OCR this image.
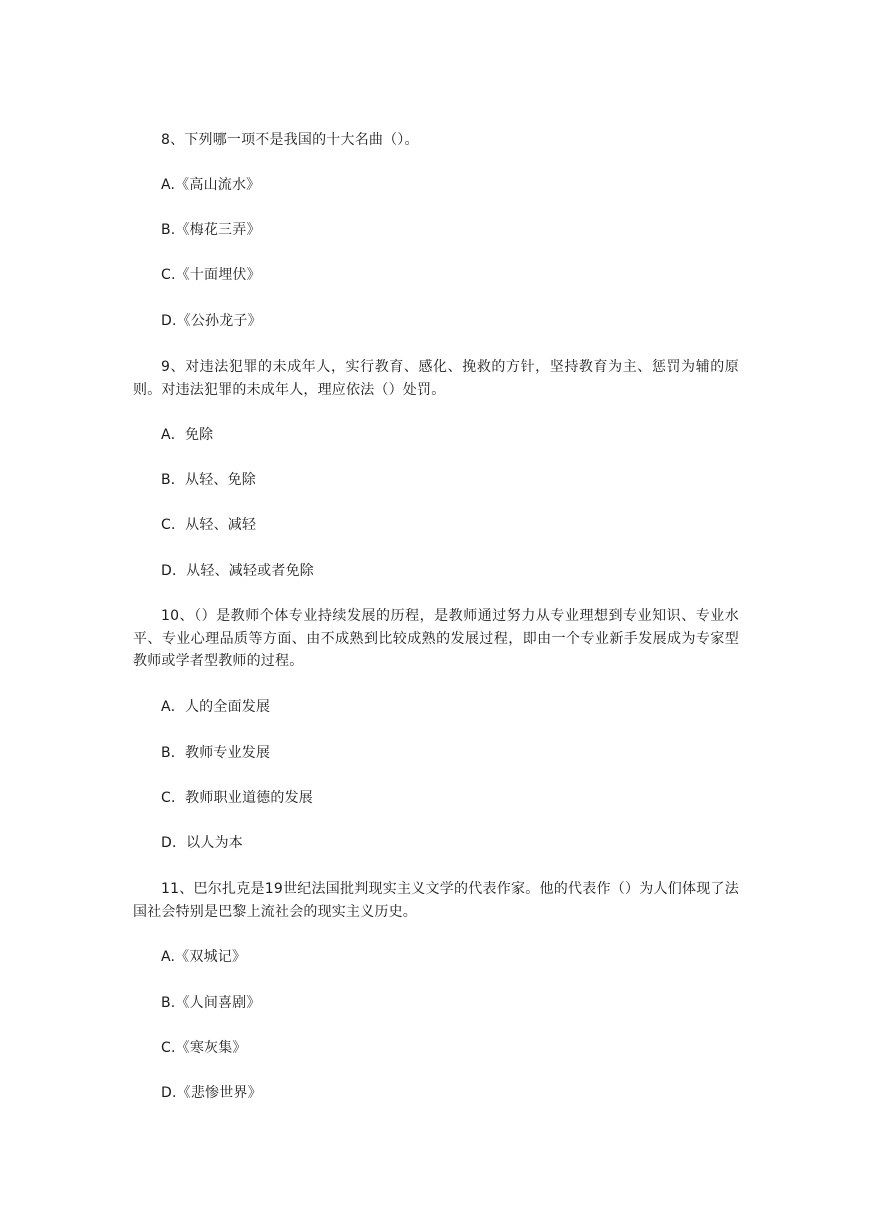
8、下列哪一项不是我国的十大名曲（）。

A.《高山流水》
B.《梅花三弄》
C.《十面埋伏》
D.《公孙龙子》

9、对违法犯罪的未成年人，实行教育、感化、挽救的方针，坚持教育为主、惩罚为辅的原则。对违法犯罪的未成年人，理应依法（）处罚。

A．免除
B．从轻、免除
C．从轻、减轻
D．从轻、减轻或者免除

10、（）是教师个体专业持续发展的历程，是教师通过努力从专业理想到专业知识、专业水平、专业心理品质等方面、由不成熟到比较成熟的发展过程，即由一个专业新手发展成为专家型教师或学者型教师的过程。

A．人的全面发展
B．教师专业发展
C．教师职业道德的发展
D．以人为本

11、巴尔扎克是19世纪法国批判现实主义文学的代表作家。他的代表作（）为人们体现了法国社会特别是巴黎上流社会的现实主义历史。

A.《双城记》
B.《人间喜剧》
C.《寒灰集》
D.《悲惨世界》
